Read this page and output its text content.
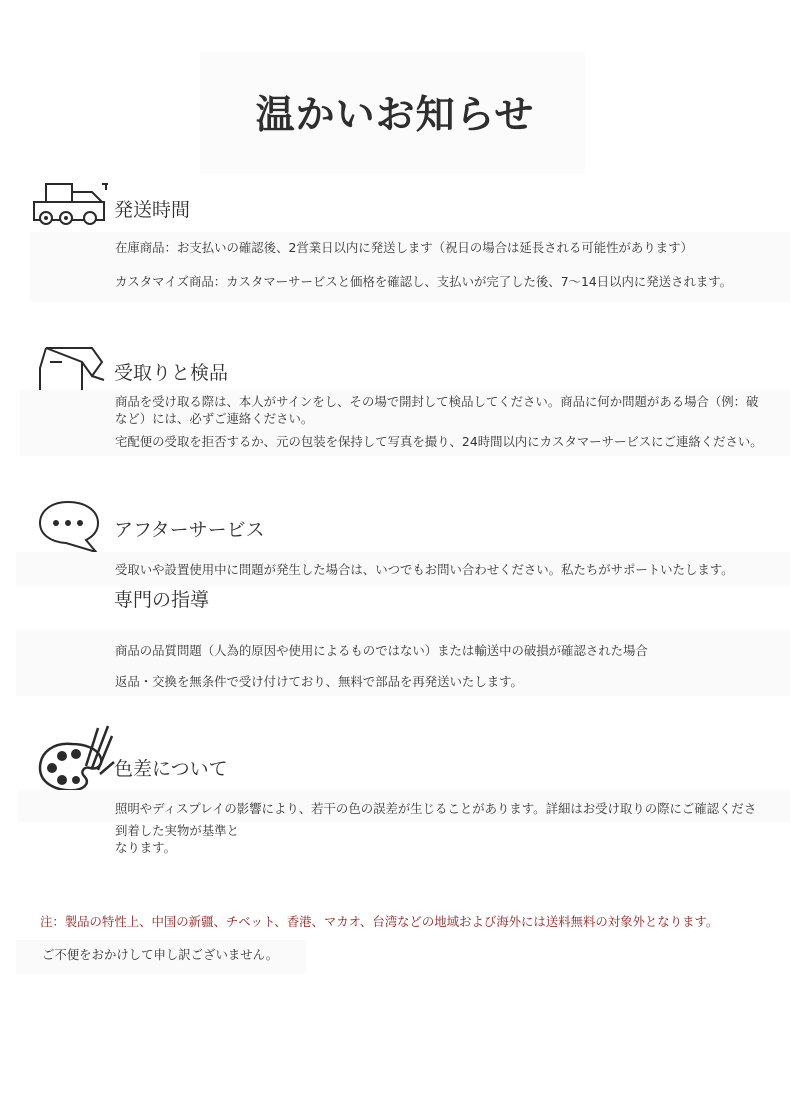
温かいお知らせ
発送時間
在庫商品：お支払いの確認後、2営業日以内に発送します（祝日の場合は延長される可能性があります）
カスタマイズ商品：カスタマーサービスと価格を確認し、支払いが完了した後、7〜14日以内に発送されます。
受取りと検品
商品を受け取る際は、本人がサインをし、その場で開封して検品してください。商品に何か問題がある場合（例：破
など）には、必ずご連絡ください。
宅配便の受取を拒否するか、元の包装を保持して写真を撮り、24時間以内にカスタマーサービスにご連絡ください。
アフターサービス
受取いや設置使用中に問題が発生した場合は、いつでもお問い合わせください。私たちがサポートいたします。
専門の指導
商品の品質問題（人為的原因や使用によるものではない）または輸送中の破損が確認された場合
返品・交換を無条件で受け付けており、無料で部品を再発送いたします。
色差について
照明やディスプレイの影響により、若干の色の誤差が生じることがあります。詳細はお受け取りの際にご確認くださ
到着した実物が基準と
なります。
注：製品の特性上、中国の新疆、チベット、香港、マカオ、台湾などの地域および海外には送料無料の対象外となります。
ご不便をおかけして申し訳ございません。
